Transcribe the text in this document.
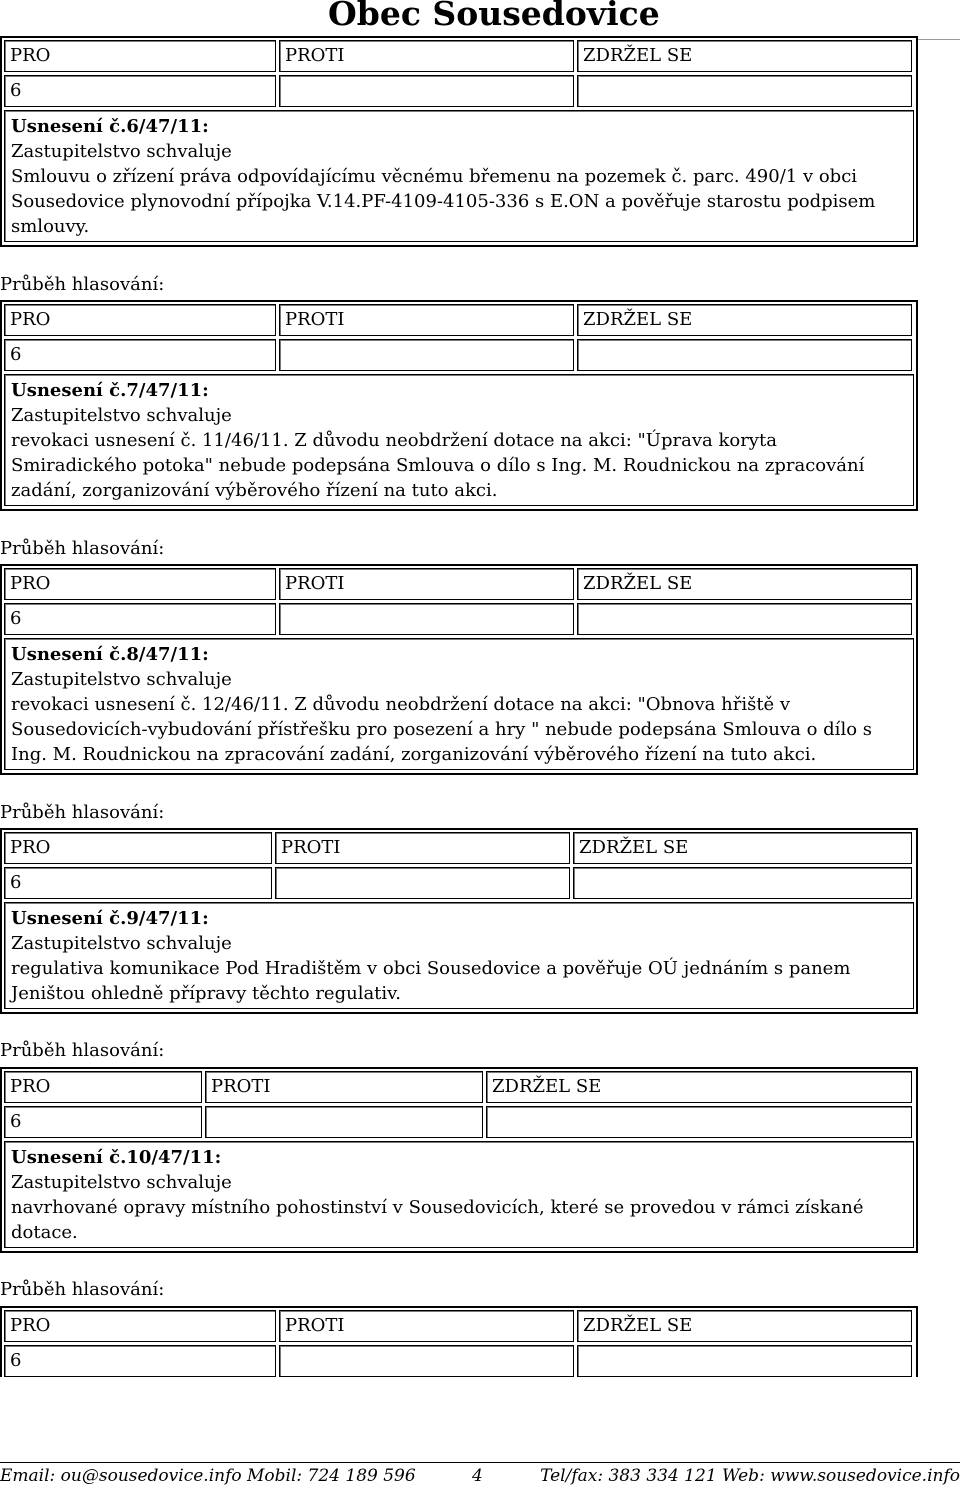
Obec Sousedovice
PRO	PROTI	ZDRŽEL SE
6
Usnesení č.6/47/11:
Zastupitelstvo schvaluje
Smlouvu o zřízení práva odpovídajícímu věcnému břemenu na pozemek č. parc. 490/1 v obci Sousedovice plynovodní přípojka V.14.PF-4109-4105-336 s E.ON a pověřuje starostu podpisem smlouvy.
Průběh hlasování:
PRO	PROTI	ZDRŽEL SE
6
Usnesení č.7/47/11:
Zastupitelstvo schvaluje
revokaci usnesení č. 11/46/11. Z důvodu neobdržení dotace na akci: "Úprava koryta Smiradického potoka" nebude podepsána Smlouva o dílo s Ing. M. Roudnickou na zpracování zadání, zorganizování výběrového řízení na tuto akci.
Průběh hlasování:
PRO	PROTI	ZDRŽEL SE
6
Usnesení č.8/47/11:
Zastupitelstvo schvaluje
revokaci usnesení č. 12/46/11. Z důvodu neobdržení dotace na akci: "Obnova hřiště v Sousedovicích-vybudování přístřešku pro posezení a hry " nebude podepsána Smlouva o dílo s Ing. M. Roudnickou na zpracování zadání, zorganizování výběrového řízení na tuto akci.
Průběh hlasování:
PRO	PROTI	ZDRŽEL SE
6
Usnesení č.9/47/11:
Zastupitelstvo schvaluje
regulativa komunikace Pod Hradištěm v obci Sousedovice a pověřuje OÚ jednáním s panem Jeništou ohledně přípravy těchto regulativ.
Průběh hlasování:
PRO	PROTI	ZDRŽEL SE
6
Usnesení č.10/47/11:
Zastupitelstvo schvaluje
navrhované opravy místního pohostinství v Sousedovicích, které se provedou v rámci získané dotace.
Průběh hlasování:
PRO	PROTI	ZDRŽEL SE
6
Email: ou@sousedovice.info Mobil: 724 189 596	4	Tel/fax: 383 334 121 Web: www.sousedovice.info
